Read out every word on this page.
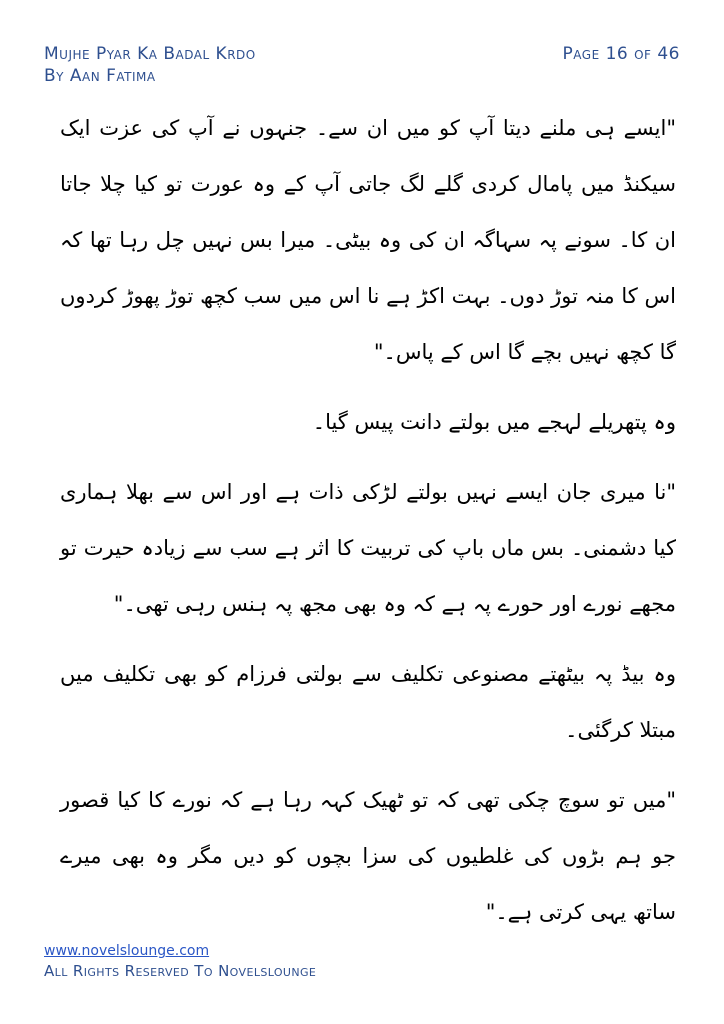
Mujhe Pyar Ka Badal Krdo
By Aan Fatima
Page 16 of 46

"ایسے ہی ملنے دیتا آپ کو میں ان سے۔ جنہوں نے آپ کی عزت ایک سیکنڈ میں پامال کردی گلے لگ جاتی آپ کے وہ عورت تو کیا چلا جاتا ان کا۔ سونے پہ سہاگہ ان کی وہ بیٹی۔ میرا بس نہیں چل رہا تھا کہ اس کا منہ توڑ دوں۔ بہت اکڑ ہے نا اس میں سب کچھ توڑ پھوڑ کردوں گا کچھ نہیں بچے گا اس کے پاس۔"

وہ پتھریلے لہجے میں بولتے دانت پیس گیا۔

"نا میری جان ایسے نہیں بولتے لڑکی ذات ہے اور اس سے بھلا ہماری کیا دشمنی۔ بس ماں باپ کی تربیت کا اثر ہے سب سے زیادہ حیرت تو مجھے نورے اور حورے پہ ہے کہ وہ بھی مجھ پہ ہنس رہی تھی۔"

وہ بیڈ پہ بیٹھتے مصنوعی تکلیف سے بولتی فرزام کو بھی تکلیف میں مبتلا کرگئی۔

"میں تو سوچ چکی تھی کہ تو ٹھیک کہہ رہا ہے کہ نورے کا کیا قصور جو ہم بڑوں کی غلطیوں کی سزا بچوں کو دیں مگر وہ بھی میرے ساتھ یہی کرتی ہے۔"

www.novelslounge.com
All Rights Reserved To Novelslounge
